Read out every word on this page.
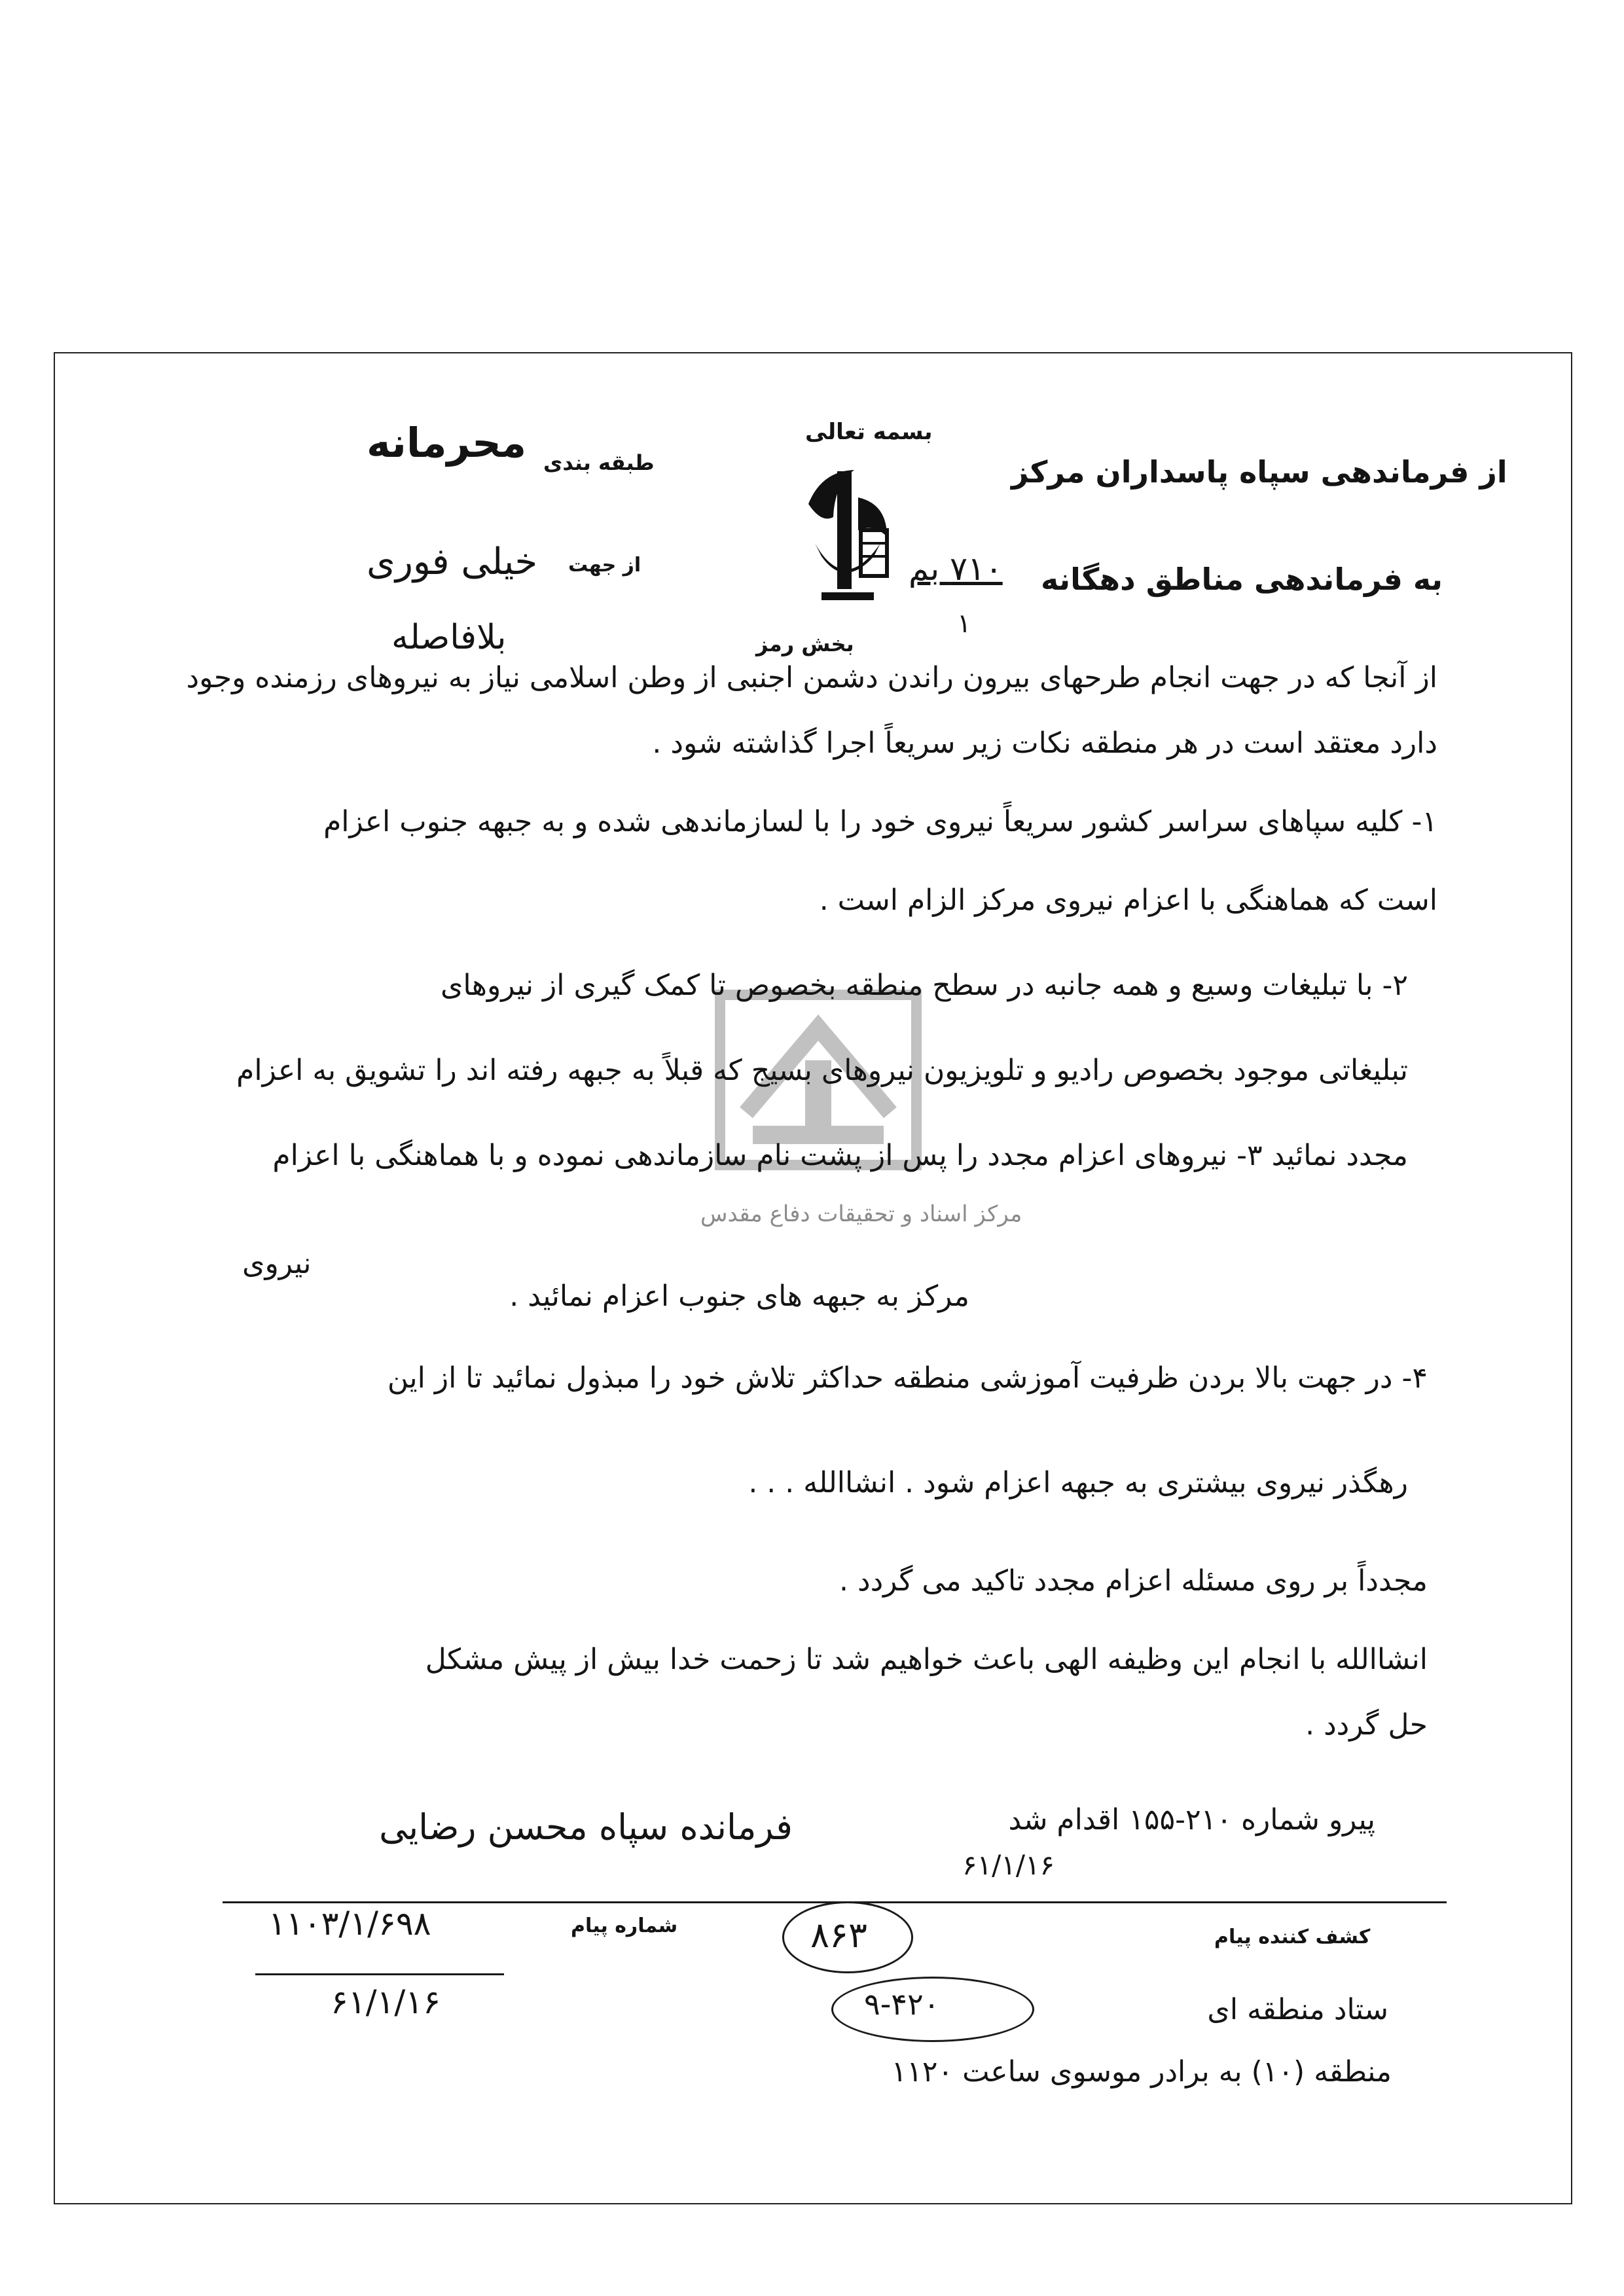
بسمه تعالی
طبقه بندی
محرمانه
از جهت
خیلی فوری
بلافاصله
از فرماندهی سپاه پاسداران مرکز
به فرماندهی مناطق دهگانه
۷۱۰ بم
۱
بخش رمز
مرکز اسناد و تحقیقات دفاع مقدس
از آنجا که در جهت انجام طرحهای بیرون راندن دشمن اجنبی از وطن اسلامی نیاز به نیروهای رزمنده وجود
دارد معتقد است در هر منطقه نکات زیر سریعاً اجرا گذاشته شود .
۱- کلیه سپاهای سراسر کشور سریعاً نیروی خود را با لسازماندهی شده و به جبهه جنوب اعزام
است که هماهنگی با اعزام نیروی مرکز الزام است .
۲- با تبلیغات وسیع و همه جانبه در سطح منطقه بخصوص تا کمک گیری از نیروهای
تبلیغاتی موجود بخصوص رادیو و تلویزیون نیروهای بسیج که قبلاً به جبهه رفته اند را تشویق به اعزام
مجدد نمائید ۳- نیروهای اعزام مجدد را پس از پشت نام سازماندهی نموده و با هماهنگی با اعزام
نیروی
مرکز به جبهه های جنوب اعزام نمائید .
۴- در جهت بالا بردن ظرفیت آموزشی منطقه حداکثر تلاش خود را مبذول نمائید تا از این
رهگذر نیروی بیشتری به جبهه اعزام شود . انشاالله . . .
مجدداً بر روی مسئله اعزام مجدد تاکید می گردد .
انشاالله با انجام این وظیفه الهی باعث خواهیم شد تا زحمت خدا بیش از پیش مشکل
حل گردد .
فرمانده سپاه محسن رضایی	پیرو شماره ۲۱۰-۱۵۵ اقدام شد
۶۱/۱/۱۶
کشف کننده پیام
شماره پیام
۱۱۰۳/۱/۶۹۸
۶۱/۱/۱۶
۸۶۳
ستاد منطقه ای
۹-۴۲۰
منطقه (۱۰) به برادر موسوی ساعت ۱۱۲۰
